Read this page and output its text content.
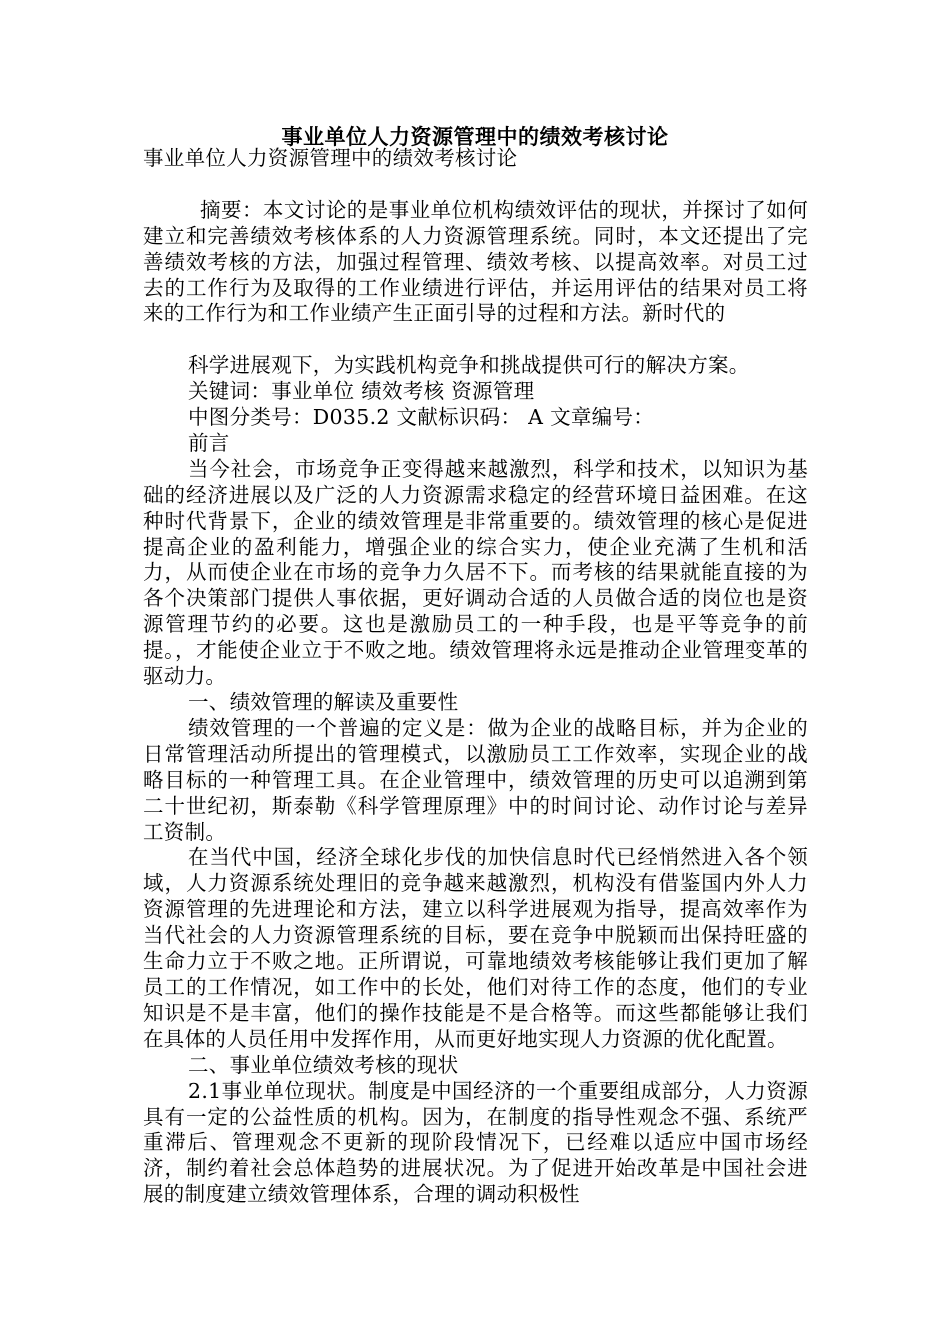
事业单位人力资源管理中的绩效考核讨论

事业单位人力资源管理中的绩效考核讨论

摘要：本文讨论的是事业单位机构绩效评估的现状，并探讨了如何建立和完善绩效考核体系的人力资源管理系统。同时，本文还提出了完善绩效考核的方法，加强过程管理、绩效考核、以提高效率。对员工过去的工作行为及取得的工作业绩进行评估，并运用评估的结果对员工将来的工作行为和工作业绩产生正面引导的过程和方法。新时代的

科学进展观下，为实践机构竞争和挑战提供可行的解决方案。

关键词：事业单位 绩效考核 资源管理

中图分类号：D035.2 文献标识码： A 文章编号：

前言

当今社会，市场竞争正变得越来越激烈，科学和技术，以知识为基础的经济进展以及广泛的人力资源需求稳定的经营环境日益困难。在这种时代背景下，企业的绩效管理是非常重要的。绩效管理的核心是促进提高企业的盈利能力，增强企业的综合实力，使企业充满了生机和活力，从而使企业在市场的竞争力久居不下。而考核的结果就能直接的为各个决策部门提供人事依据，更好调动合适的人员做合适的岗位也是资源管理节约的必要。这也是激励员工的一种手段，也是平等竞争的前提。，才能使企业立于不败之地。绩效管理将永远是推动企业管理变革的驱动力。

一、绩效管理的解读及重要性

绩效管理的一个普遍的定义是：做为企业的战略目标，并为企业的日常管理活动所提出的管理模式，以激励员工工作效率，实现企业的战略目标的一种管理工具。在企业管理中，绩效管理的历史可以追溯到第二十世纪初，斯泰勒《科学管理原理》中的时间讨论、动作讨论与差异工资制。

在当代中国，经济全球化步伐的加快信息时代已经悄然进入各个领域，人力资源系统处理旧的竞争越来越激烈，机构没有借鉴国内外人力资源管理的先进理论和方法，建立以科学进展观为指导，提高效率作为当代社会的人力资源管理系统的目标，要在竞争中脱颖而出保持旺盛的生命力立于不败之地。正所谓说，可靠地绩效考核能够让我们更加了解员工的工作情况，如工作中的长处，他们对待工作的态度，他们的专业知识是不是丰富，他们的操作技能是不是合格等。而这些都能够让我们在具体的人员任用中发挥作用，从而更好地实现人力资源的优化配置。

二、事业单位绩效考核的现状

2.1事业单位现状。制度是中国经济的一个重要组成部分，人力资源具有一定的公益性质的机构。因为，在制度的指导性观念不强、系统严重滞后、管理观念不更新的现阶段情况下，已经难以适应中国市场经济，制约着社会总体趋势的进展状况。为了促进开始改革是中国社会进展的制度建立绩效管理体系，合理的调动积极性
